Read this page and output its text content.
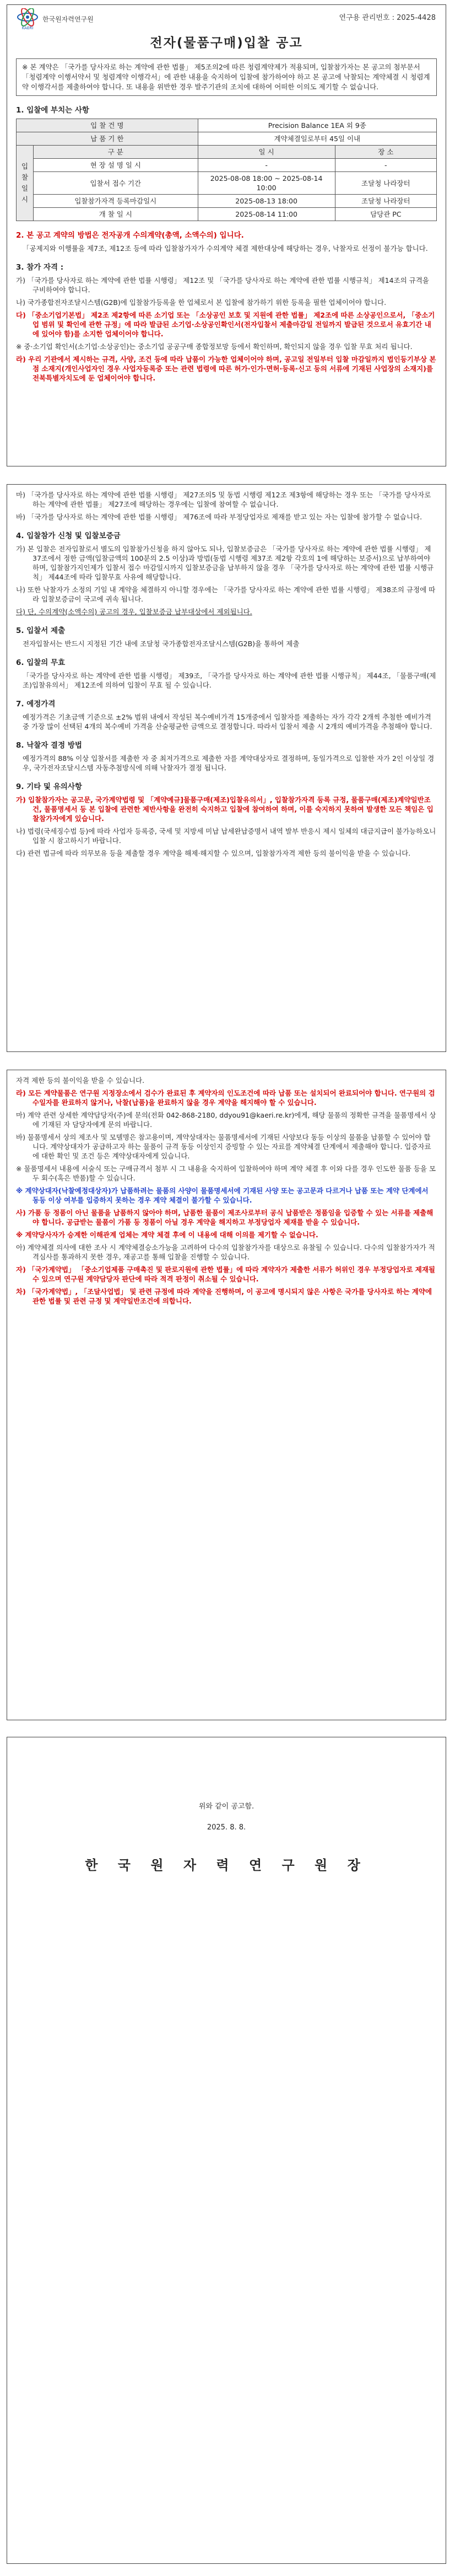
KAERI
한국원자력연구원	연구용 관리번호 : 2025-4428
전자(물품구매)입찰 공고
※ 본 계약은 「국가를 당사자로 하는 계약에 관한 법률」 제5조의2에 따른 청렴계약제가 적용되며, 입찰참가자는 본 공고의 첨부문서 「청렴계약 이행서약서 및 청렴계약 이행각서」에 관한 내용을 숙지하여 입찰에 참가하여야 하고 본 공고에 낙찰되는 계약체결 시 청렴계약 이행각서를 제출하여야 합니다. 또 내용을 위반한 경우 발주기관의 조치에 대하여 어떠한 이의도 제기할 수 없습니다.
1. 입찰에 부치는 사항
입 찰 건 명		Precision Balance 1EA 외 9종	
납 품 기 한		계약체결일로부터 45일 이내	
입 찰 일 시	구 분	일 시	장 소
	현 장 설 명 일 시	-	-
	입찰서 접수 기간	2025-08-08 18:00 ~ 2025-08-14 10:00	조달청 나라장터
	입찰참가자격 등록마감일시	2025-08-13 18:00	조달청 나라장터
	개 찰 일 시	2025-08-14 11:00	담당관 PC
2. 본 공고 계약의 방법은 전자공개 수의계약(총액, 소액수의) 입니다.
「공제지와 이행률을 제7조, 제12조 등에 따라 입찰참가자가 수의계약 체결 제한대상에 해당하는 경우, 낙찰자로 선정이 불가능 합니다.
3. 참가 자격 :
가) 「국가를 당사자로 하는 계약에 관한 법률 시행령」 제12조 및 「국가를 당사자로 하는 계약에 관한 법률 시행규칙」 제14조의 규격을 구비하여야 합니다.
나) 국가종합전자조달시스템(G2B)에 입찰참가등록을 한 업체로서 본 입찰에 참가하기 위한 등록을 필한 업체이어야 합니다.
다) 「중소기업기본법」 제2조 제2항에 따른 소기업 또는 「소상공인 보호 및 지원에 관한 법률」 제2조에 따른 소상공인으로서, 「중소기업 범위 및 확인에 관한 규정」에 따라 발급된 소기업·소상공인확인서(전자입찰서 제출마감일 전일까지 발급된 것으로서 유효기간 내에 있어야 함)를 소지한 업체이어야 합니다.
※ 중·소기업 확인서(소기업·소상공인)는 중소기업 공공구매 종합정보망 등에서 확인하며, 확인되지 않을 경우 입찰 무효 처리 됩니다.
라) 우리 기관에서 제시하는 규격, 사양, 조건 등에 따라 납품이 가능한 업체이어야 하며, 공고일 전일부터 입찰 마감일까지 법인등기부상 본점 소재지(개인사업자인 경우 사업자등록증 또는 관련 법령에 따른 허가·인가·면허·등록·신고 등의 서류에 기재된 사업장의 소재지)를 전북특별자치도에 둔 업체이어야 합니다.
마) 「국가를 당사자로 하는 계약에 관한 법률 시행령」 제27조의5 및 동법 시행령 제12조 제3항에 해당하는 경우 또는 「국가를 당사자로 하는 계약에 관한 법률」 제27조에 해당하는 경우에는 입찰에 참여할 수 없습니다.
바) 「국가를 당사자로 하는 계약에 관한 법률 시행령」 제76조에 따라 부정당업자로 제재를 받고 있는 자는 입찰에 참가할 수 없습니다.
4. 입찰참가 신청 및 입찰보증금
가) 본 입찰은 전자입찰로서 별도의 입찰참가신청을 하지 않아도 되나, 입찰보증금은 「국가를 당사자로 하는 계약에 관한 법률 시행령」 제37조에서 정한 금액(입찰금액의 100분의 2.5 이상)과 방법(동법 시행령 제37조 제2항 각호의 1에 해당하는 보증서)으로 납부하여야 하며, 입찰참가지인제가 입찰서 접수 마감일시까지 입찰보증금을 납부하지 않을 경우 「국가를 당사자로 하는 계약에 관한 법률 시행규칙」 제44조에 따라 입찰무효 사유에 해당합니다.
나) 또한 낙찰자가 소정의 기일 내 계약을 체결하지 아니할 경우에는 「국가를 당사자로 하는 계약에 관한 법률 시행령」 제38조의 규정에 따라 입찰보증금이 국고에 귀속 됩니다.
다) 단, 수의계약(소액수의) 공고의 경우, 입찰보증금 납부대상에서 제외됩니다.
5. 입찰서 제출
전자입찰서는 반드시 지정된 기간 내에 조달청 국가종합전자조달시스템(G2B)을 통하여 제출
6. 입찰의 무효
「국가를 당사자로 하는 계약에 관한 법률 시행령」 제39조, 「국가를 당사자로 하는 계약에 관한 법률 시행규칙」 제44조, 「물품구매(제조)입찰유의서」 제12조에 의하여 입찰이 무효 될 수 있습니다.
7. 예정가격
예정가격은 기초금액 기준으로 ±2% 범위 내에서 작성된 복수예비가격 15개중에서 입찰자를 제출하는 자가 각각 2개씩 추첨한 예비가격 중 가장 많이 선택된 4개의 복수예비 가격을 산술평균한 금액으로 결정합니다. 따라서 입찰서 제출 시 2개의 예비가격을 추첨해야 합니다.
8. 낙찰자 결정 방법
예정가격의 88% 이상 입찰서를 제출한 자 중 최저가격으로 제출한 자를 계약대상자로 결정하며, 동일가격으로 입찰한 자가 2인 이상일 경우, 국가전자조달시스템 자동추첨방식에 의해 낙찰자가 결정 됩니다.
9. 기타 및 유의사항
가) 입찰참가자는 공고문, 국가계약법령 및 「계약예규]물품구매(제조)입찰유의서」, 입찰참가자격 등록 규정, 물품구매(제조)계약일반조건, 물품명세서 등 본 입찰에 관련한 제반사항을 완전히 숙지하고 입찰에 참여하여 하며, 이를 숙지하지 못하여 발생한 모든 책임은 입찰참가자에게 있습니다.
나) 법령(국세징수법 등)에 따라 사업자 등록증, 국세 및 지방세 미납 납세완납증명서 내역 발부 반응시 제시 일체의 대금지급이 불가능하오니 입찰 시 참고하시기 바랍니다.
다) 관련 법규에 따라 의무보유 등을 제출할 경우 계약을 해제·해지할 수 있으며, 입찰참가자격 제한 등의 불이익을 받을 수 있습니다.
자격 제한 등의 불이익을 받을 수 있습니다.
라) 모든 계약물품은 연구원 지정장소에서 검수가 완료된 후 계약자의 인도조건에 따라 납품 또는 설치되어 완료되어야 합니다. 연구원의 검수일자를 완료하지 않거나, 낙찰(납품)을 완료하지 않을 경우 계약을 해지해야 할 수 있습니다.
마) 계약 관련 상세한 계약담당자(주)에 문의(전화 042-868-2180, ddyou91@kaeri.re.kr)에게, 해당 물품의 정확한 규격을 물품명세서 상에 기재된 자 담당자에게 문의 바랍니다.
바) 물품명세서 상의 제조사 및 모델명은 참고용이며, 계약상대자는 물품명세서에 기재된 사양보다 동등 이상의 물품을 납품할 수 있어야 합니다. 계약상대자가 공급하고자 하는 물품이 규격 동등 이상인지 증빙할 수 있는 자료를 계약체결 단계에서 제출해야 합니다. 입증자료에 대한 확인 및 조건 등은 계약상대자에게 있습니다.
※ 물품명세서 내용에 서술식 또는 구매규격서 첨부 시 그 내용을 숙지하여 입찰하여야 하며 계약 체결 후 이와 다를 경우 인도한 물품 등을 모두 회수(혹은 반품)할 수 있습니다.
※ 계약상대자(낙찰예정대상자)가 납품하려는 물품의 사양이 물품명세서에 기재된 사양 또는 공고문과 다르거나 납품 또는 계약 단계에서 동등 이상 여부를 입증하지 못하는 경우 계약 체결이 불가할 수 있습니다.
사) 가품 등 정품이 아닌 물품을 납품하지 않아야 하며, 납품한 물품이 제조사로부터 공식 납품받은 정품임을 입증할 수 있는 서류를 제출해야 합니다. 공급받는 물품이 가품 등 정품이 아닐 경우 계약을 해지하고 부정당업자 제재를 받을 수 있습니다.
※ 계약당사자가 승계한 이해관계 업체는 계약 체결 후에 이 내용에 대해 이의를 제기할 수 없습니다.
아) 계약체결 의사에 대한 조사 시 계약체결승소가능을 고려하여 다수의 입찰참가자를 대상으로 유찰될 수 있습니다. 다수의 입찰참가자가 적격심사를 통과하지 못한 경우, 재공고를 통해 입찰을 진행할 수 있습니다.
자) 「국가계약법」 「중소기업제품 구매촉진 및 판로지원에 관한 법률」에 따라 계약자가 제출한 서류가 허위인 경우 부정당업자로 제재될 수 있으며 연구원 계약담당자 판단에 따라 적격 판정이 취소될 수 있습니다.
차) 「국가계약법」, 「조달사업법」 및 관련 규정에 따라 계약을 진행하며, 이 공고에 명시되지 않은 사항은 국가를 당사자로 하는 계약에 관한 법률 및 관련 규정 및 계약일반조건에 의합니다.
위와 같이 공고함.
2025. 8. 8.
한 국 원 자 력 연 구 원 장
